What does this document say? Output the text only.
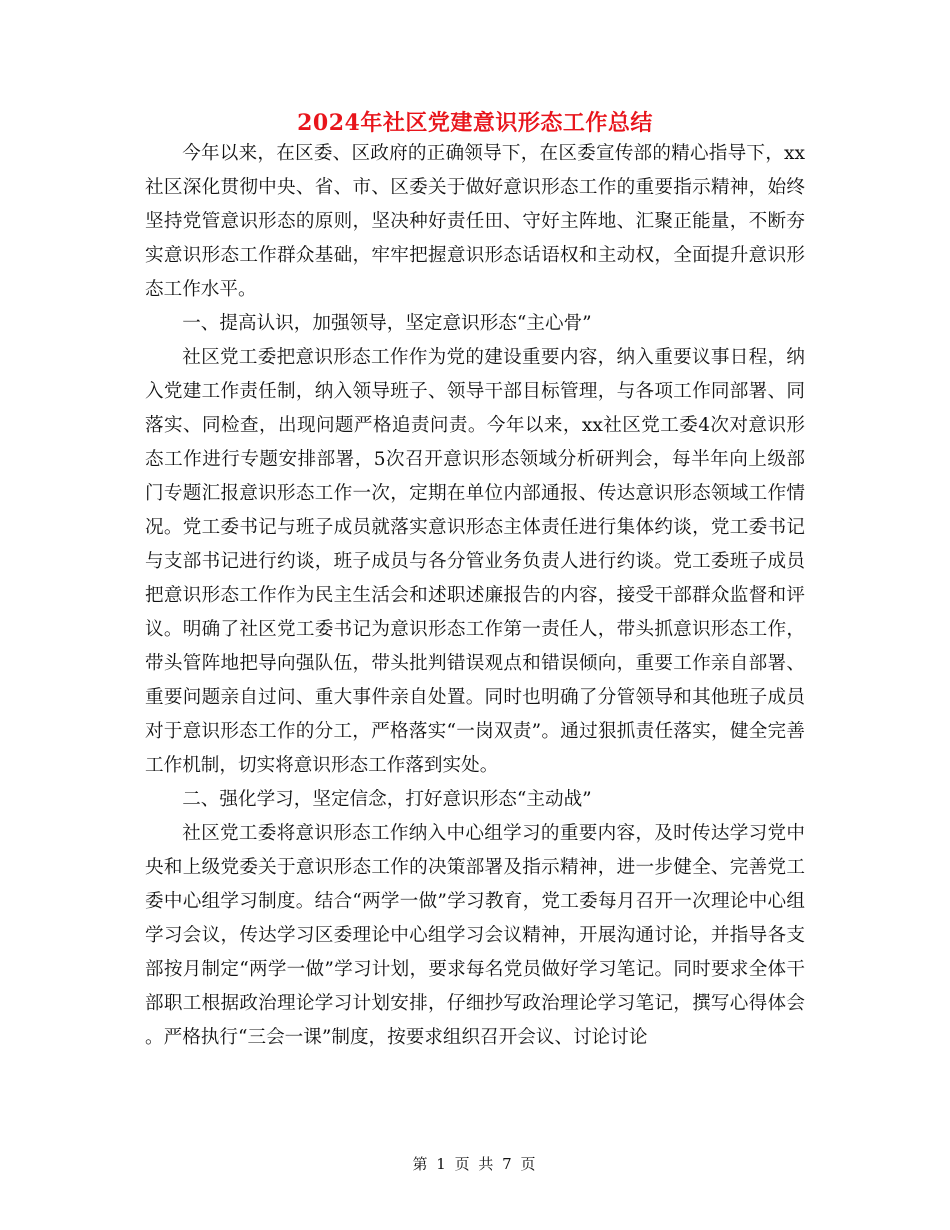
2024年社区党建意识形态工作总结

今年以来，在区委、区政府的正确领导下，在区委宣传部的精心指导下，xx社区深化贯彻中央、省、市、区委关于做好意识形态工作的重要指示精神，始终坚持党管意识形态的原则，坚决种好责任田、守好主阵地、汇聚正能量，不断夯实意识形态工作群众基础，牢牢把握意识形态话语权和主动权，全面提升意识形态工作水平。

一、提高认识，加强领导，坚定意识形态“主心骨”

社区党工委把意识形态工作作为党的建设重要内容，纳入重要议事日程，纳入党建工作责任制，纳入领导班子、领导干部目标管理，与各项工作同部署、同落实、同检查，出现问题严格追责问责。今年以来，xx社区党工委4次对意识形态工作进行专题安排部署，5次召开意识形态领域分析研判会，每半年向上级部门专题汇报意识形态工作一次，定期在单位内部通报、传达意识形态领域工作情况。党工委书记与班子成员就落实意识形态主体责任进行集体约谈，党工委书记与支部书记进行约谈，班子成员与各分管业务负责人进行约谈。党工委班子成员把意识形态工作作为民主生活会和述职述廉报告的内容，接受干部群众监督和评议。明确了社区党工委书记为意识形态工作第一责任人，带头抓意识形态工作，带头管阵地把导向强队伍，带头批判错误观点和错误倾向，重要工作亲自部署、重要问题亲自过问、重大事件亲自处置。同时也明确了分管领导和其他班子成员对于意识形态工作的分工，严格落实“一岗双责”。通过狠抓责任落实，健全完善工作机制，切实将意识形态工作落到实处。

二、强化学习，坚定信念，打好意识形态“主动战”

社区党工委将意识形态工作纳入中心组学习的重要内容，及时传达学习党中央和上级党委关于意识形态工作的决策部署及指示精神，进一步健全、完善党工委中心组学习制度。结合“两学一做”学习教育，党工委每月召开一次理论中心组学习会议，传达学习区委理论中心组学习会议精神，开展沟通讨论，并指导各支部按月制定“两学一做”学习计划，要求每名党员做好学习笔记。同时要求全体干部职工根据政治理论学习计划安排，仔细抄写政治理论学习笔记，撰写心得体会。严格执行“三会一课”制度，按要求组织召开会议、讨论讨论

第 1 页 共 7 页
